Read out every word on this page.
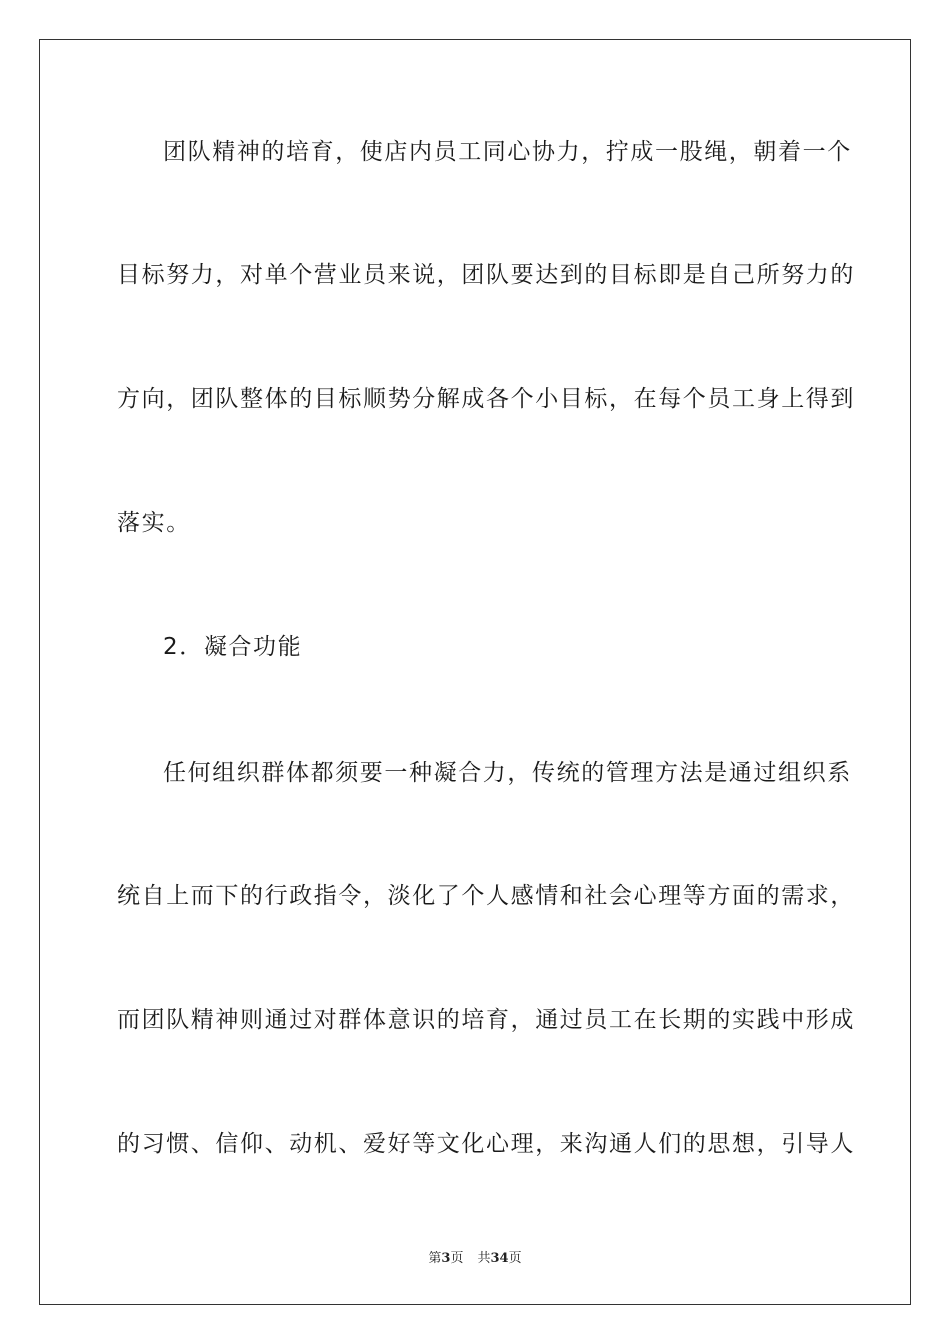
团队精神的培育，使店内员工同心协力，拧成一股绳，朝着一个
目标努力，对单个营业员来说，团队要达到的目标即是自己所努力的
方向，团队整体的目标顺势分解成各个小目标，在每个员工身上得到
落实。
2．凝合功能
任何组织群体都须要一种凝合力，传统的管理方法是通过组织系
统自上而下的行政指令，淡化了个人感情和社会心理等方面的需求，
而团队精神则通过对群体意识的培育，通过员工在长期的实践中形成
的习惯、信仰、动机、爱好等文化心理，来沟通人们的思想，引导人
第3页 共34页
